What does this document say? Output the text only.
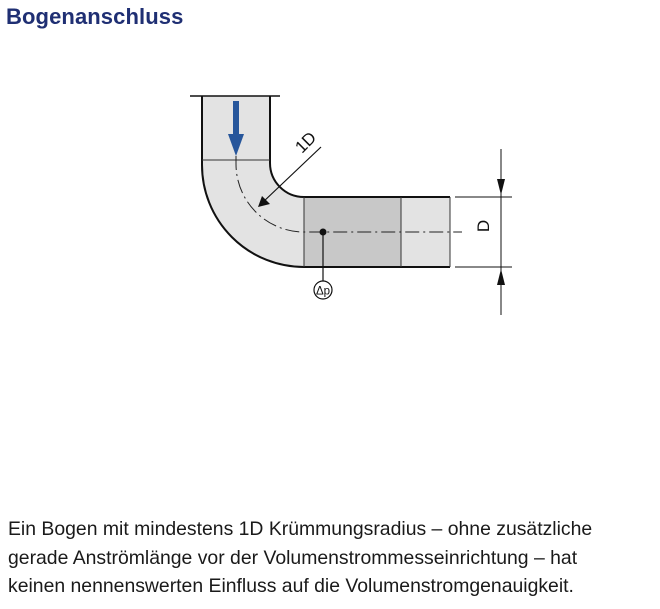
Bogenanschluss
1D
Δp
D

Ein Bogen mit mindestens 1D Krümmungsradius – ohne zusätzliche
gerade Anströmlänge vor der Volumenstrommesseinrichtung – hat
keinen nennenswerten Einfluss auf die Volumenstromgenauigkeit.
